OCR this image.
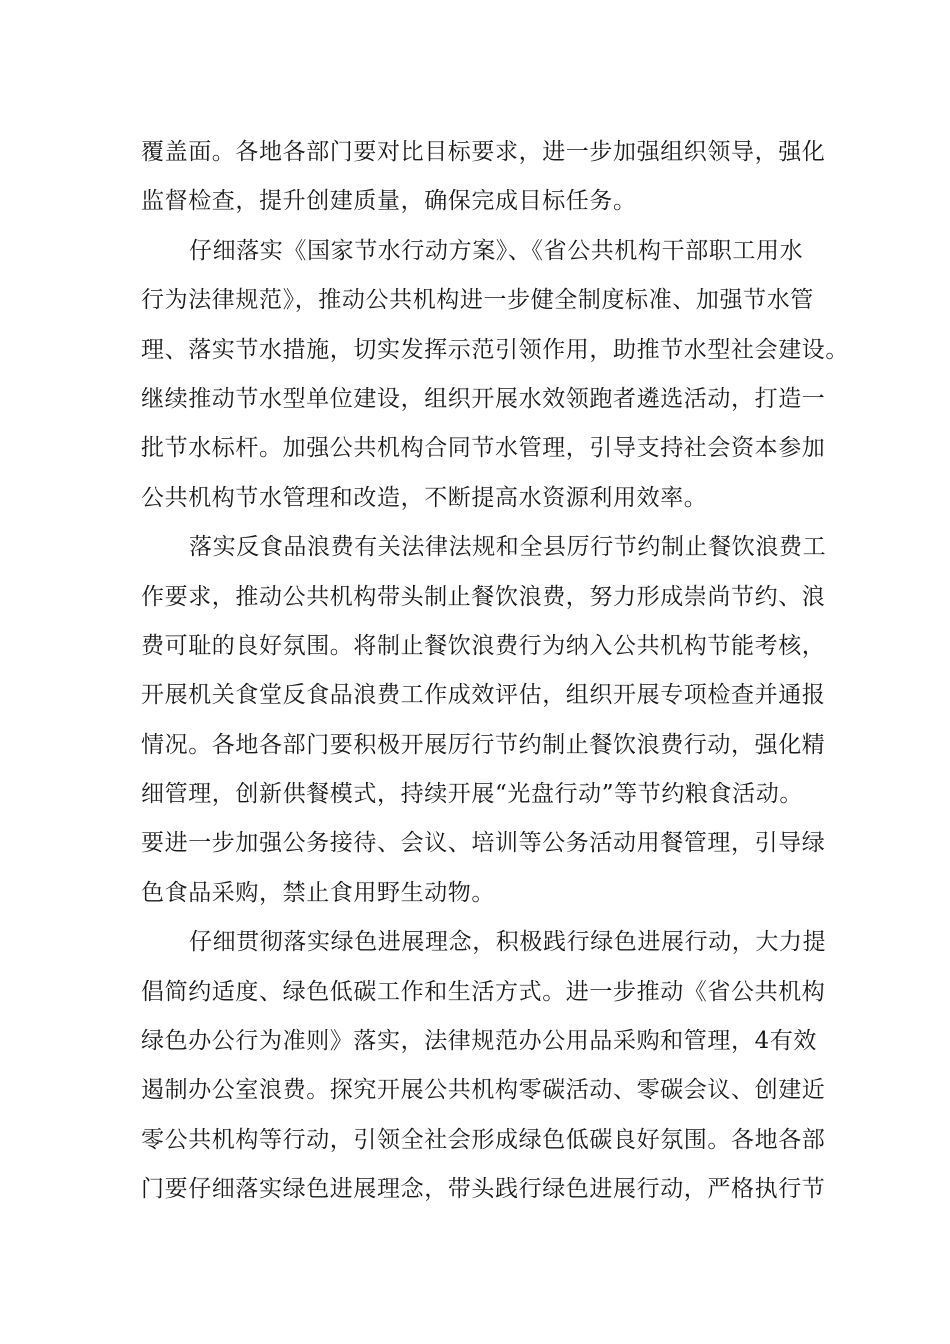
覆盖面。各地各部门要对比目标要求，进一步加强组织领导，强化
监督检查，提升创建质量，确保完成目标任务。
仔细落实《国家节水行动方案》、《省公共机构干部职工用水
行为法律规范》，推动公共机构进一步健全制度标准、加强节水管
理、落实节水措施，切实发挥示范引领作用，助推节水型社会建设。
继续推动节水型单位建设，组织开展水效领跑者遴选活动，打造一
批节水标杆。加强公共机构合同节水管理，引导支持社会资本参加
公共机构节水管理和改造，不断提高水资源利用效率。
落实反食品浪费有关法律法规和全县厉行节约制止餐饮浪费工
作要求，推动公共机构带头制止餐饮浪费，努力形成崇尚节约、浪
费可耻的良好氛围。将制止餐饮浪费行为纳入公共机构节能考核，
开展机关食堂反食品浪费工作成效评估，组织开展专项检查并通报
情况。各地各部门要积极开展厉行节约制止餐饮浪费行动，强化精
细管理，创新供餐模式，持续开展“光盘行动”等节约粮食活动。
要进一步加强公务接待、会议、培训等公务活动用餐管理，引导绿
色食品采购，禁止食用野生动物。
仔细贯彻落实绿色进展理念，积极践行绿色进展行动，大力提
倡简约适度、绿色低碳工作和生活方式。进一步推动《省公共机构
绿色办公行为准则》落实，法律规范办公用品采购和管理，4有效
遏制办公室浪费。探究开展公共机构零碳活动、零碳会议、创建近
零公共机构等行动，引领全社会形成绿色低碳良好氛围。各地各部
门要仔细落实绿色进展理念，带头践行绿色进展行动，严格执行节
